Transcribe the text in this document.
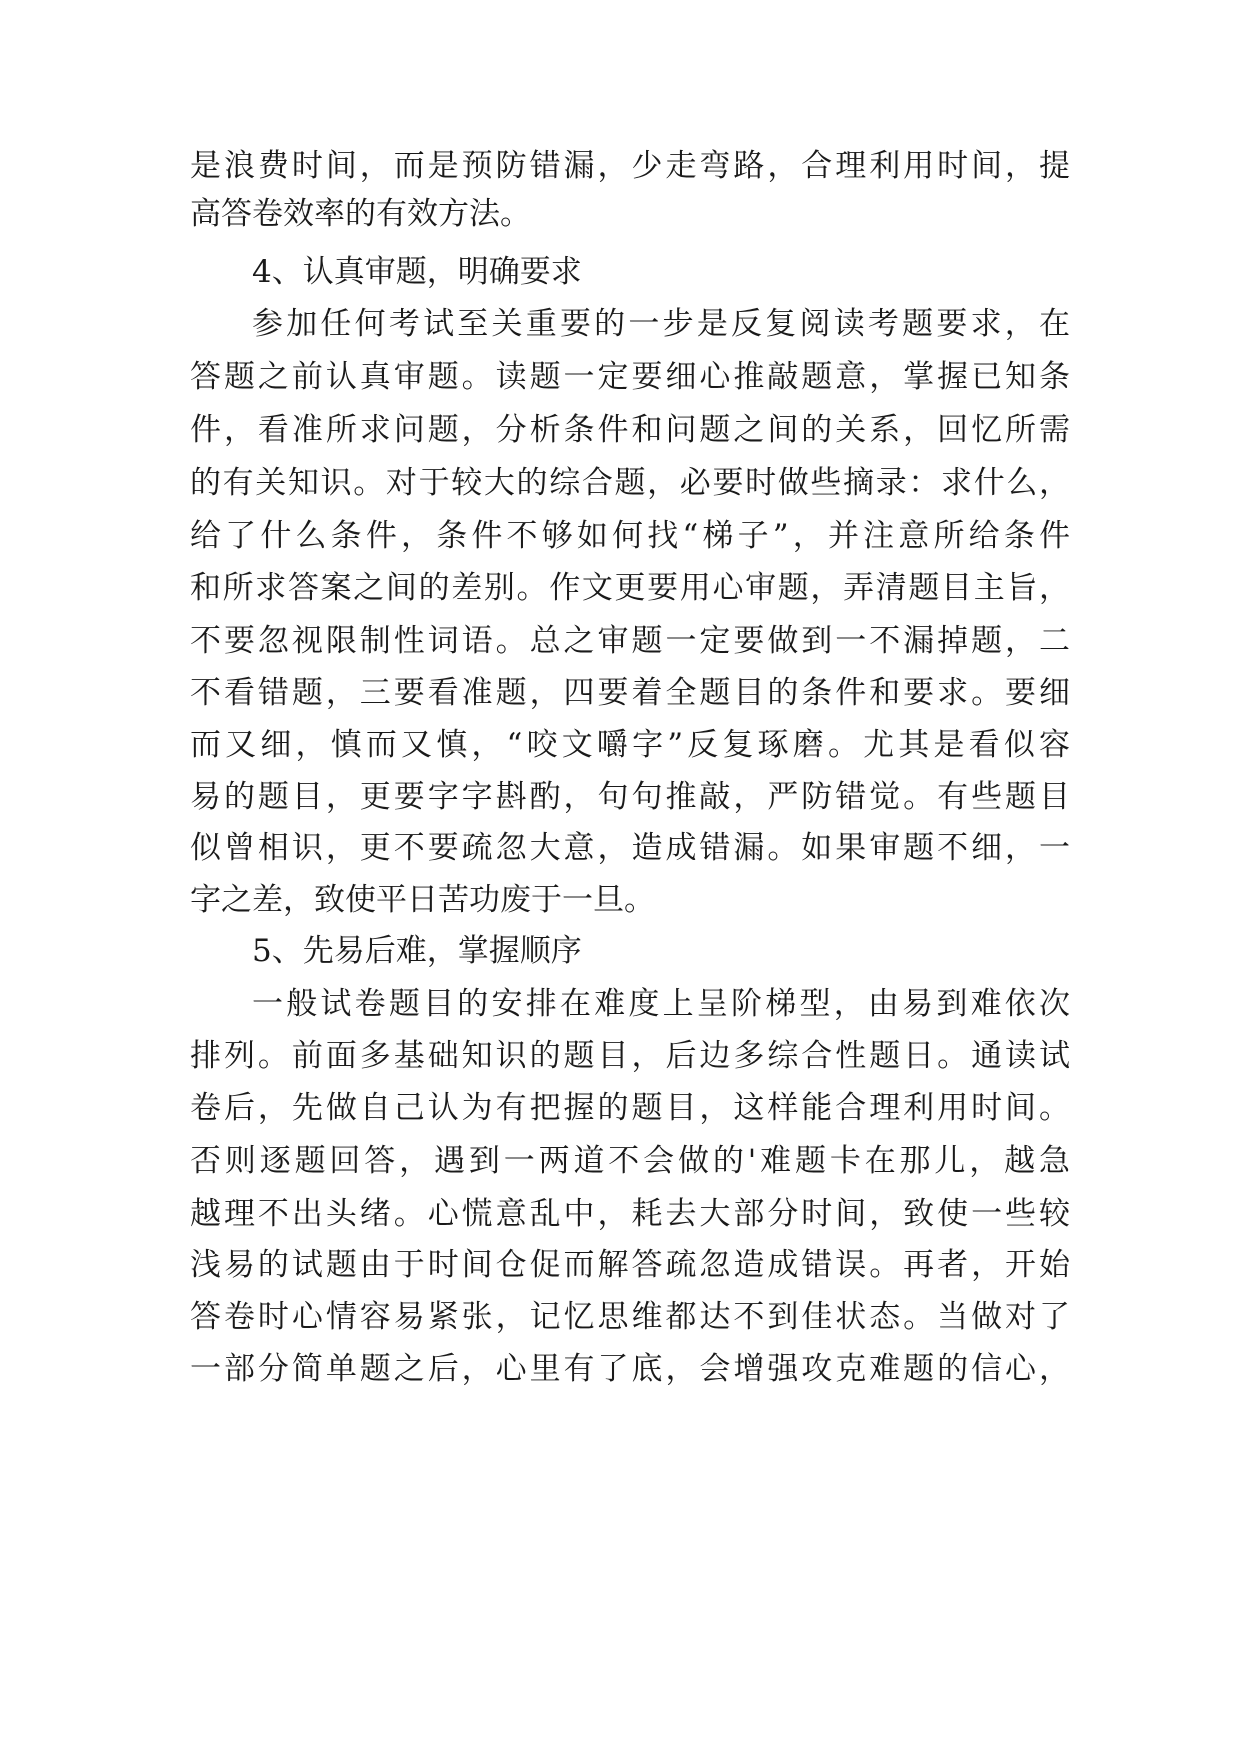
是浪费时间，而是预防错漏，少走弯路，合理利用时间，提
高答卷效率的有效方法。
4、认真审题，明确要求
参加任何考试至关重要的一步是反复阅读考题要求，在
答题之前认真审题。读题一定要细心推敲题意，掌握已知条
件，看准所求问题，分析条件和问题之间的关系，回忆所需
的有关知识。对于较大的综合题，必要时做些摘录：求什么，
给了什么条件，条件不够如何找“梯子”，并注意所给条件
和所求答案之间的差别。作文更要用心审题，弄清题目主旨，
不要忽视限制性词语。总之审题一定要做到一不漏掉题，二
不看错题，三要看准题，四要着全题目的条件和要求。要细
而又细，慎而又慎，“咬文嚼字”反复琢磨。尤其是看似容
易的题目，更要字字斟酌，句句推敲，严防错觉。有些题目
似曾相识，更不要疏忽大意，造成错漏。如果审题不细，一
字之差，致使平日苦功废于一旦。
5、先易后难，掌握顺序
一般试卷题目的安排在难度上呈阶梯型，由易到难依次
排列。前面多基础知识的题目，后边多综合性题日。通读试
卷后，先做自己认为有把握的题目，这样能合理利用时间。
否则逐题回答，遇到一两道不会做的'难题卡在那儿，越急
越理不出头绪。心慌意乱中，耗去大部分时间，致使一些较
浅易的试题由于时间仓促而解答疏忽造成错误。再者，开始
答卷时心情容易紧张，记忆思维都达不到佳状态。当做对了
一部分简单题之后，心里有了底，会增强攻克难题的信心，
